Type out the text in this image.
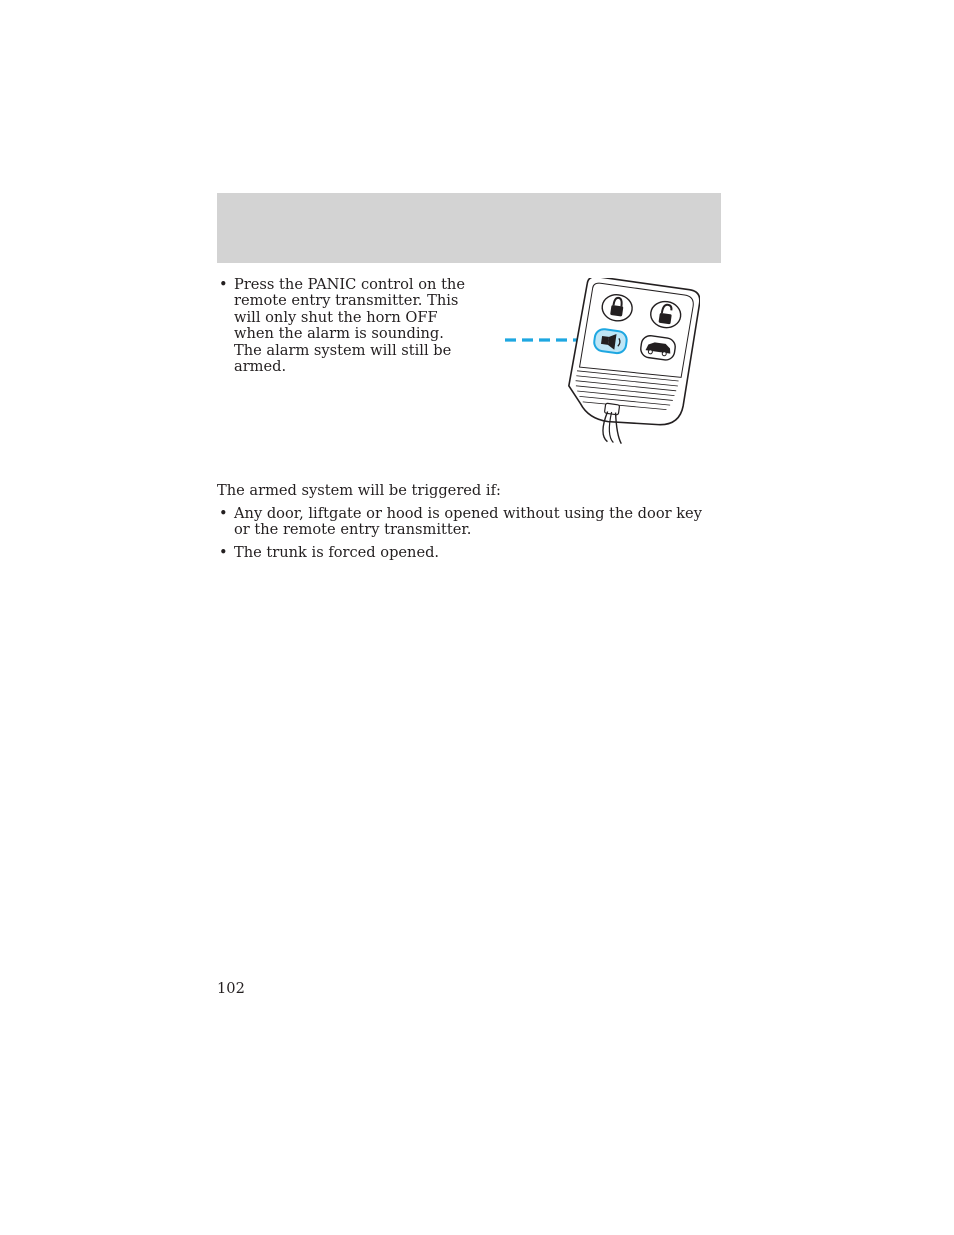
• Press the PANIC control on the remote entry transmitter. This will only shut the horn OFF when the alarm is sounding. The alarm system will still be armed.

The armed system will be triggered if:

• Any door, liftgate or hood is opened without using the door key or the remote entry transmitter.
• The trunk is forced opened.

102
